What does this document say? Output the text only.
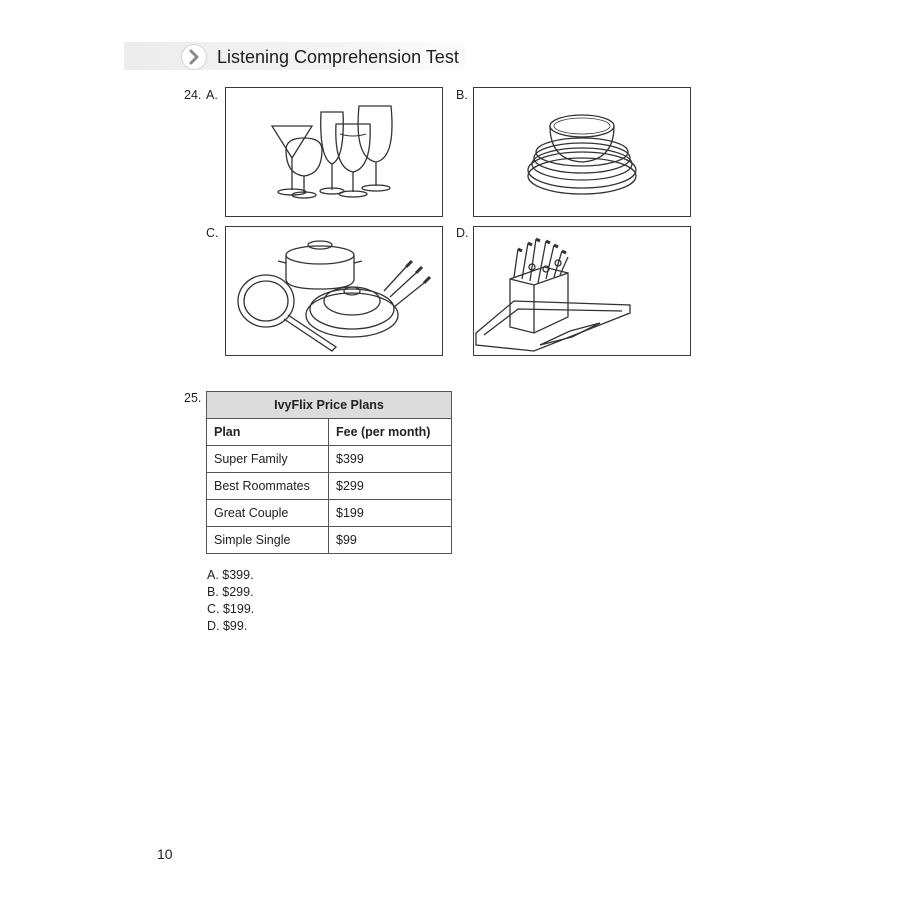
Listening Comprehension Test
24. A.	B.
C.	D.
25.	IvyFlix Price Plans	
Plan	Fee (per month)
Super Family	$399
Best Roommates	$299
Great Couple	$199
Simple Single	$99
A. $399.
B. $299.
C. $199.
D. $99.
10
